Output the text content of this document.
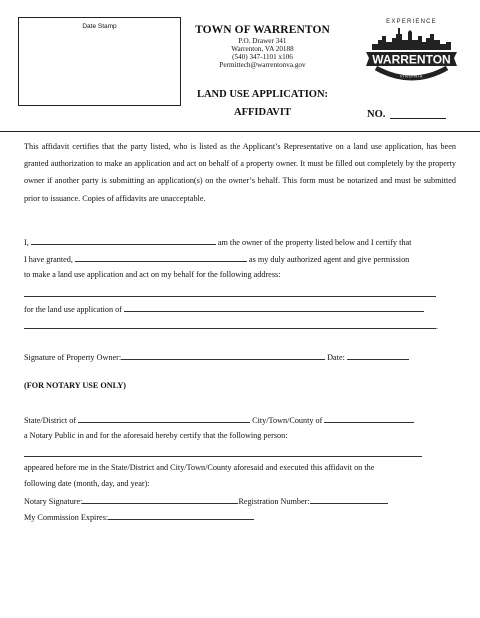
Date Stamp	TOWN OF WARRENTON
P.O. Drawer 341
Warrenton, VA 20188
(540) 347-1101 x106
Permittech@warrentonva.gov
EXPERIENCE
WARRENTON
VIRGINIA
LAND USE APPLICATION:
AFFIDAVIT	NO.
This affidavit certifies that the party listed, who is listed as the Applicant’s Representative on a land use application, has been granted authorization to make an application and act on behalf of a property owner. It must be filled out completely by the property owner if another party is submitting an application(s) on the owner’s behalf. This form must be notarized and must be submitted prior to issuance. Copies of affidavits are unacceptable.
I,	am the owner of the property listed below and I certify that
I have granted,	as my duly authorized agent and give permission
to make a land use application and act on my behalf for the following address:
for the land use application of
.
Signature of Property Owner:	Date:
(FOR NOTARY USE ONLY)
State/District of	City/Town/County of
a Notary Public in and for the aforesaid hereby certify that the following person:
appeared before me in the State/District and City/Town/County aforesaid and executed this affidavit on the
following date (month, day, and year):
Notary Signature:	Registration Number:
My Commission Expires:
